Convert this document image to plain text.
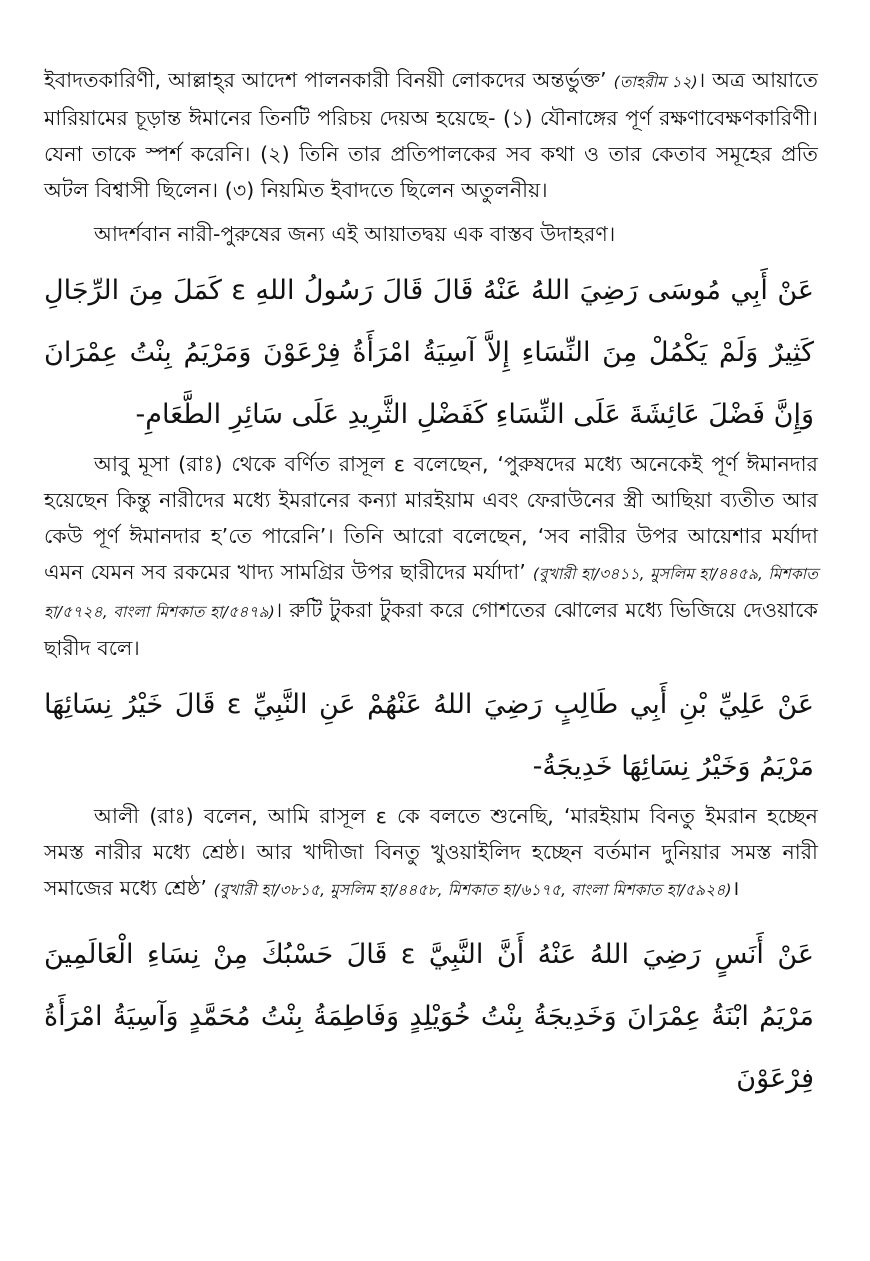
ইবাদতকারিণী, আল্লাহ্‌র আদেশ পালনকারী বিনয়ী লোকদের অন্তর্ভুক্ত’ (তাহরীম ১২)। অত্র আয়াতে মারিয়ামের চূড়ান্ত ঈমানের তিনটি পরিচয় দেয়অ হয়েছে- (১) যৌনাঙ্গের পূর্ণ রক্ষণাবেক্ষণকারিণী। যেনা তাকে স্পর্শ করেনি। (২) তিনি তার প্রতিপালকের সব কথা ও তার কেতাব সমূহের প্রতি অটল বিশ্বাসী ছিলেন। (৩) নিয়মিত ইবাদতে ছিলেন অতুলনীয়।

আদর্শবান নারী-পুরুষের জন্য এই আয়াতদ্বয় এক বাস্তব উদাহরণ।

عَنْ أَبِي مُوسَى رَضِيَ اللهُ عَنْهُ قَالَ قَالَ رَسُولُ اللهِ ε كَمَلَ مِنَ الرِّجَالِ كَثِيرٌ وَلَمْ يَكْمُلْ مِنَ النِّسَاءِ إِلاَّ آسِيَةُ امْرَأَةُ فِرْعَوْنَ وَمَرْيَمُ بِنْتُ عِمْرَانَ وَإِنَّ فَضْلَ عَائِشَةَ عَلَى النِّسَاءِ كَفَضْلِ الثَّرِيدِ عَلَى سَائِرِ الطَّعَامِ-

আবু মূসা (রাঃ) থেকে বর্ণিত রাসূল ε বলেছেন, ‘পুরুষদের মধ্যে অনেকেই পূর্ণ ঈমানদার হয়েছেন কিন্তু নারীদের মধ্যে ইমরানের কন্যা মারইয়াম এবং ফেরাউনের স্ত্রী আছিয়া ব্যতীত আর কেউ পূর্ণ ঈমানদার হ’তে পারেনি’। তিনি আরো বলেছেন, ‘সব নারীর উপর আয়েশার মর্যাদা এমন যেমন সব রকমের খাদ্য সামগ্রির উপর ছারীদের মর্যাদা’ (বুখারী হা/৩৪১১, মুসলিম হা/৪৪৫৯, মিশকাত হা/৫৭২৪, বাংলা মিশকাত হা/৫৪৭৯)। রুটি টুকরা টুকরা করে গোশতের ঝোলের মধ্যে ভিজিয়ে দেওয়াকে ছারীদ বলে।

عَنْ عَلِيِّ بْنِ أَبِي طَالِبٍ رَضِيَ اللهُ عَنْهُمْ عَنِ النَّبِيِّ ε قَالَ خَيْرُ نِسَائِهَا مَرْيَمُ وَخَيْرُ نِسَائِهَا خَدِيجَةُ-

আলী (রাঃ) বলেন, আমি রাসূল ε কে বলতে শুনেছি, ‘মারইয়াম বিনতু ইমরান হচ্ছেন সমস্ত নারীর মধ্যে শ্রেষ্ঠ। আর খাদীজা বিনতু খুওয়াইলিদ হচ্ছেন বর্তমান দুনিয়ার সমস্ত নারী সমাজের মধ্যে শ্রেষ্ঠ’ (বুখারী হা/৩৮১৫, মুসলিম হা/৪৪৫৮, মিশকাত হা/৬১৭৫, বাংলা মিশকাত হা/৫৯২৪)।

عَنْ أَنَسٍ رَضِيَ اللهُ عَنْهُ أَنَّ النَّبِيَّ ε قَالَ حَسْبُكَ مِنْ نِسَاءِ الْعَالَمِينَ مَرْيَمُ ابْنَةُ عِمْرَانَ وَخَدِيجَةُ بِنْتُ خُوَيْلِدٍ وَفَاطِمَةُ بِنْتُ مُحَمَّدٍ وَآسِيَةُ امْرَأَةُ فِرْعَوْنَ
